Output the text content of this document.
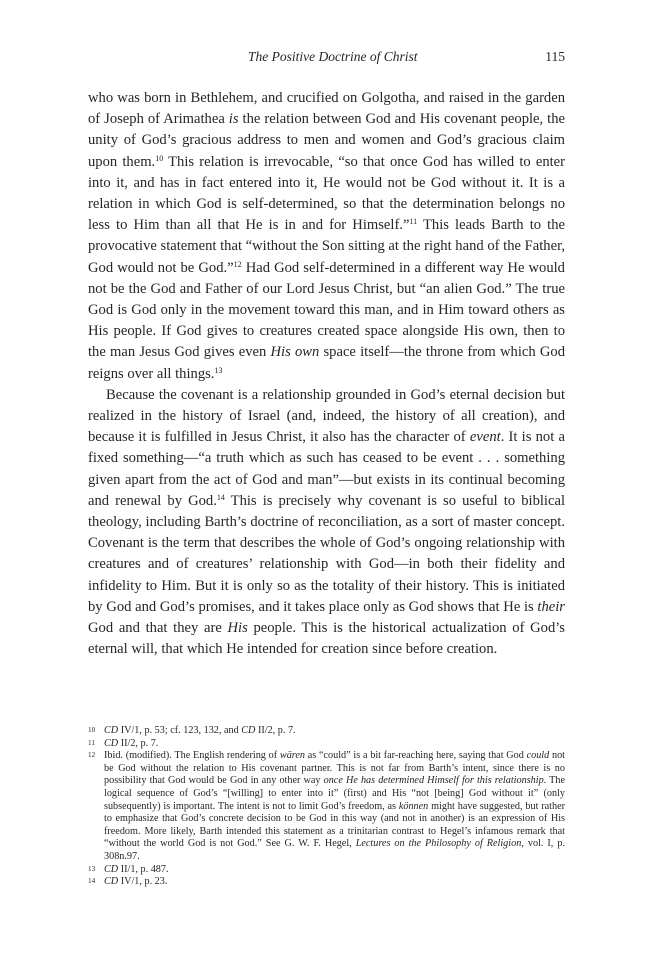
The Positive Doctrine of Christ	115

who was born in Bethlehem, and crucified on Golgotha, and raised in the garden of Joseph of Arimathea is the relation between God and His covenant people, the unity of God’s gracious address to men and women and God’s gracious claim upon them.$^{10}$ This relation is irrevocable, “so that once God has willed to enter into it, and has in fact entered into it, He would not be God without it. It is a relation in which God is self-determined, so that the determination belongs no less to Him than all that He is in and for Himself.”$^{11}$ This leads Barth to the provocative statement that “without the Son sitting at the right hand of the Father, God would not be God.”$^{12}$ Had God self-determined in a different way He would not be the God and Father of our Lord Jesus Christ, but “an alien God.” The true God is God only in the movement toward this man, and in Him toward others as His people. If God gives to creatures created space alongside His own, then to the man Jesus God gives even His own space itself—the throne from which God reigns over all things.$^{13}$

Because the covenant is a relationship grounded in God’s eternal decision but realized in the history of Israel (and, indeed, the history of all creation), and because it is fulfilled in Jesus Christ, it also has the character of event. It is not a fixed something—“a truth which as such has ceased to be event . . . something given apart from the act of God and man”—but exists in its continual becoming and renewal by God.$^{14}$ This is precisely why covenant is so useful to biblical theology, including Barth’s doctrine of reconciliation, as a sort of master concept. Covenant is the term that describes the whole of God’s ongoing relationship with creatures and of creatures’ relationship with God—in both their fidelity and infidelity to Him. But it is only so as the totality of their history. This is initiated by God and God’s promises, and it takes place only as God shows that He is their God and that they are His people. This is the historical actualization of God’s eternal will, that which He intended for creation since before creation.

10 CD IV/1, p. 53; cf. 123, 132, and CD II/2, p. 7.
11 CD II/2, p. 7.
12 Ibid. (modified). The English rendering of wären as “could” is a bit far-reaching here, saying that God could not be God without the relation to His covenant partner. This is not far from Barth’s intent, since there is no possibility that God would be God in any other way once He has determined Himself for this relationship. The logical sequence of God’s “[willing] to enter into it” (first) and His “not [being] God without it” (only subsequently) is important. The intent is not to limit God’s freedom, as können might have suggested, but rather to emphasize that God’s concrete decision to be God in this way (and not in another) is an expression of His freedom. More likely, Barth intended this statement as a trinitarian contrast to Hegel’s infamous remark that “without the world God is not God.” See G. W. F. Hegel, Lectures on the Philosophy of Religion, vol. I, p. 308n.97.
13 CD II/1, p. 487.
14 CD IV/1, p. 23.
